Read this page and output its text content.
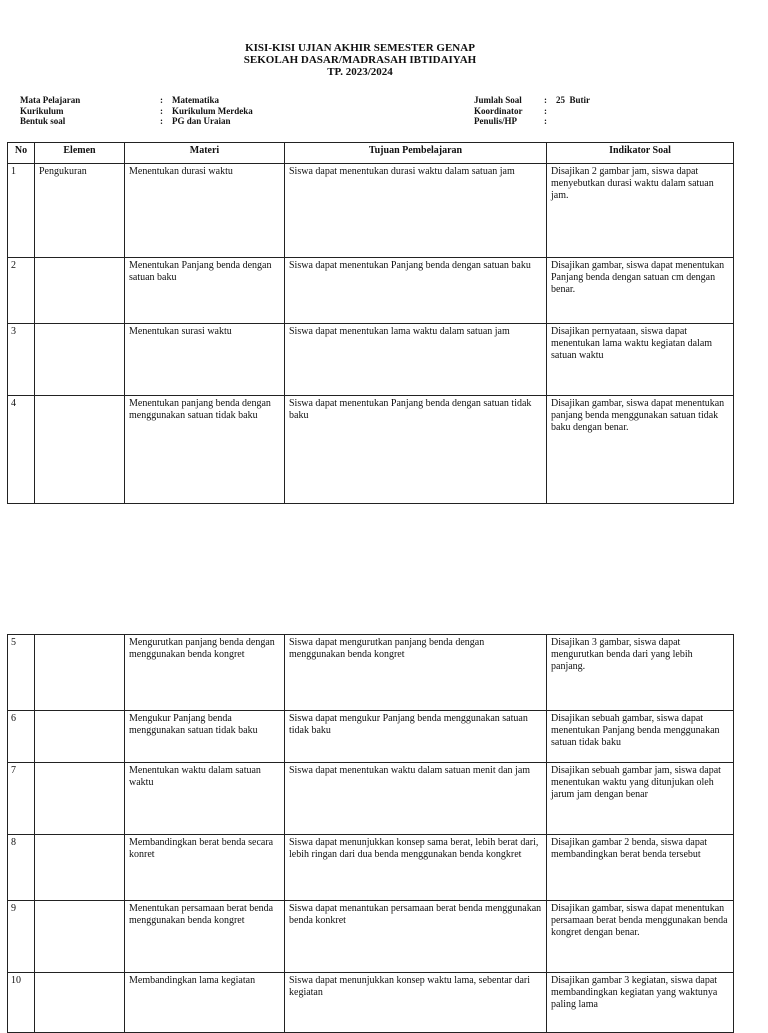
KISI-KISI UJIAN AKHIR SEMESTER GENAP
SEKOLAH DASAR/MADRASAH IBTIDAIYAH
TP. 2023/2024
Mata Pelajaran	:	Matematika
Kurikulum	:	Kurikulum Merdeka
Bentuk soal	:	PG dan Uraian
Jumlah Soal	:	25  Butir
Koordinator	:
Penulis/HP	:
No	Elemen	Materi	Tujuan Pembelajaran	Indikator Soal
1	Pengukuran	Menentukan durasi waktu	Siswa dapat menentukan durasi waktu dalam satuan jam	Disajikan 2 gambar jam, siswa dapat menyebutkan durasi waktu dalam satuan jam.
2		Menentukan Panjang benda dengan satuan baku	Siswa dapat menentukan Panjang benda dengan satuan baku	Disajikan gambar, siswa dapat menentukan Panjang benda dengan satuan cm dengan benar.
3		Menentukan surasi waktu	Siswa dapat menentukan lama waktu dalam satuan jam	Disajikan pernyataan, siswa dapat menentukan lama waktu kegiatan dalam satuan waktu
4		Menentukan panjang benda dengan menggunakan satuan tidak baku	Siswa dapat menentukan Panjang benda dengan satuan tidak baku	Disajikan gambar, siswa dapat menentukan panjang benda menggunakan satuan tidak baku dengan benar.
5		Mengurutkan panjang benda dengan menggunakan benda kongret	Siswa dapat mengurutkan panjang benda dengan menggunakan benda kongret	Disajikan 3 gambar, siswa dapat mengurutkan benda dari yang lebih panjang.
6		Mengukur Panjang benda menggunakan satuan tidak baku	Siswa dapat mengukur Panjang benda menggunakan satuan tidak baku	Disajikan sebuah gambar, siswa dapat menentukan Panjang benda menggunakan satuan tidak baku
7		Menentukan waktu dalam satuan waktu	Siswa dapat menentukan waktu dalam satuan menit dan jam	Disajikan sebuah gambar jam, siswa dapat menentukan waktu yang ditunjukan oleh jarum jam dengan benar
8		Membandingkan berat benda secara konret	Siswa dapat menunjukkan konsep sama berat, lebih berat dari, lebih ringan dari dua benda menggunakan benda kongkret	Disajikan gambar 2 benda, siswa dapat membandingkan berat benda tersebut
9		Menentukan persamaan berat benda menggunakan benda kongret	Siswa dapat menantukan persamaan berat benda menggunakan benda konkret	Disajikan gambar, siswa dapat menentukan persamaan berat benda menggunakan benda kongret dengan benar.
10		Membandingkan lama kegiatan	Siswa dapat menunjukkan konsep waktu lama, sebentar dari kegiatan	Disajikan gambar 3 kegiatan, siswa dapat membandingkan kegiatan yang waktunya paling lama
